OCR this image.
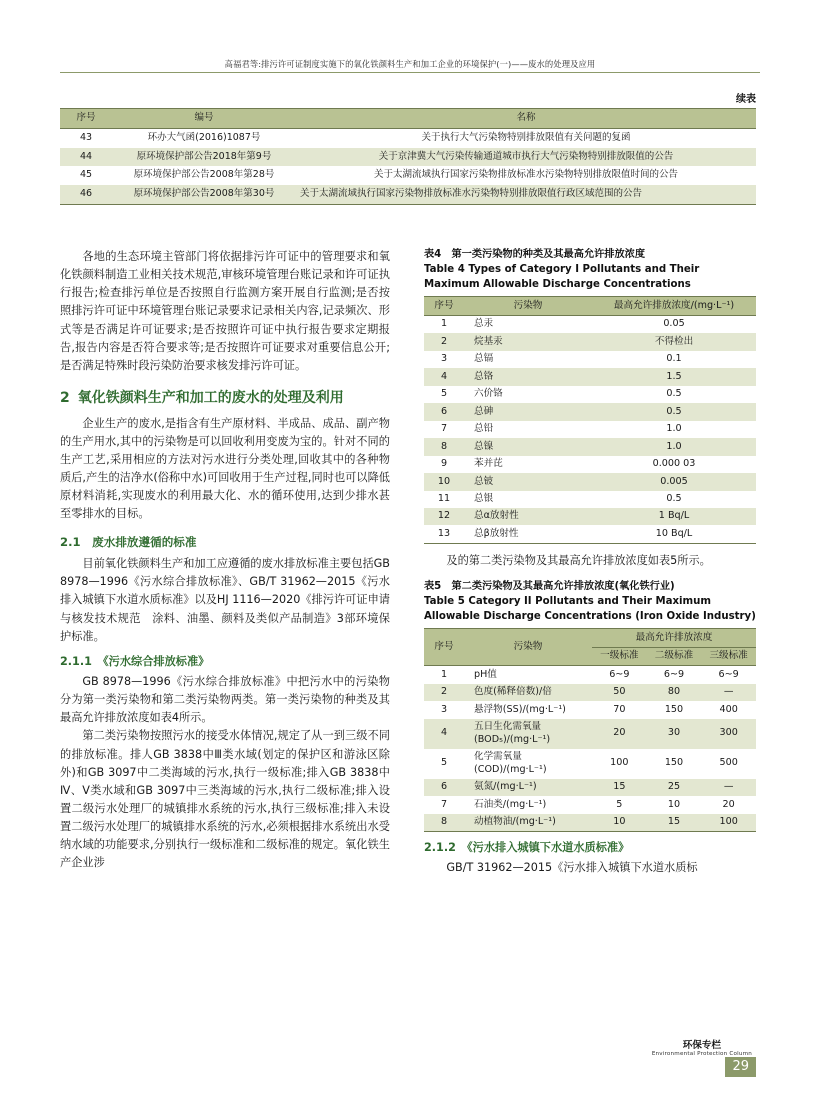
高福君等:排污许可证制度实施下的氧化铁颜料生产和加工企业的环境保护(一)——废水的处理及应用
续表
序号	编号	名称
43	环办大气函(2016)1087号	关于执行大气污染物特别排放限值有关问题的复函
44	原环境保护部公告2018年第9号	关于京津冀大气污染传输通道城市执行大气污染物特别排放限值的公告
45	原环境保护部公告2008年第28号	关于太湖流域执行国家污染物排放标准水污染物特别排放限值时间的公告
46	原环境保护部公告2008年第30号	关于太湖流域执行国家污染物排放标准水污染物特别排放限值行政区域范围的公告

各地的生态环境主管部门将依据排污许可证中的管理要求和氧化铁颜料制造工业相关技术规范,审核环境管理台账记录和许可证执行报告;检查排污单位是否按照自行监测方案开展自行监测;是否按照排污许可证中环境管理台账记录要求记录相关内容,记录频次、形式等是否满足许可证要求;是否按照许可证中执行报告要求定期报告,报告内容是否符合要求等;是否按照许可证要求对重要信息公开;是否满足特殊时段污染防治要求核发排污许可证。

2 氧化铁颜料生产和加工的废水的处理及利用

企业生产的废水,是指含有生产原材料、半成品、成品、副产物的生产用水,其中的污染物是可以回收利用变废为宝的。针对不同的生产工艺,采用相应的方法对污水进行分类处理,回收其中的各种物质后,产生的洁净水(俗称中水)可回收用于生产过程,同时也可以降低原材料消耗,实现废水的利用最大化、水的循环使用,达到少排水甚至零排水的目标。

2.1　废水排放遵循的标准

目前氧化铁颜料生产和加工应遵循的废水排放标准主要包括GB 8978—1996《污水综合排放标准》、GB/T 31962—2015《污水排入城镇下水道水质标准》以及HJ 1116—2020《排污许可证申请与核发技术规范　涂料、油墨、颜料及类似产品制造》3部环境保护标准。

2.1.1　《污水综合排放标准》

GB 8978—1996《污水综合排放标准》中把污水中的污染物分为第一类污染物和第二类污染物两类。第一类污染物的种类及其最高允许排放浓度如表4所示。

第二类污染物按照污水的接受水体情况,规定了从一到三级不同的排放标准。排人GB 3838中Ⅲ类水域(划定的保护区和游泳区除外)和GB 3097中二类海域的污水,执行一级标准;排入GB 3838中Ⅳ、Ⅴ类水域和GB 3097中三类海域的污水,执行二级标准;排入设置二级污水处理厂的城镇排水系统的污水,执行三级标准;排入未设置二级污水处理厂的城镇排水系统的污水,必须根据排水系统出水受纳水域的功能要求,分别执行一级标准和二级标准的规定。氧化铁生产企业涉

表4　第一类污染物的种类及其最高允许排放浓度
Table 4 Types of Category I Pollutants and Their
Maximum Allowable Discharge Concentrations

序号	污染物	最高允许排放浓度/(mg·L⁻¹)
1	总汞	0.05
2	烷基汞	不得检出
3	总镉	0.1
4	总铬	1.5
5	六价铬	0.5
6	总砷	0.5
7	总铅	1.0
8	总镍	1.0
9	苯并芘	0.000 03
10	总铍	0.005
11	总银	0.5
12	总α放射性	1 Bq/L
13	总β放射性	10 Bq/L

及的第二类污染物及其最高允许排放浓度如表5所示。

表5　第二类污染物及其最高允许排放浓度(氧化铁行业)
Table 5 Category II Pollutants and Their Maximum
Allowable Discharge Concentrations (Iron Oxide Industry)

序号	污染物	最高允许排放浓度		
		一级标准	二级标准	三级标准
1	pH值	6~9	6~9	6~9
2	色度(稀释倍数)/倍	50	80	—
3	悬浮物(SS)/(mg·L⁻¹)	70	150	400
4	五日生化需氧量(BOD₅)/(mg·L⁻¹)	20	30	300
5	化学需氧量(COD)/(mg·L⁻¹)	100	150	500
6	氨氮/(mg·L⁻¹)	15	25	—
7	石油类/(mg·L⁻¹)	5	10	20
8	动植物油/(mg·L⁻¹)	10	15	100
2.1.2　《污水排入城镇下水道水质标准》

GB/T 31962—2015《污水排入城镇下水道水质标

环保专栏
Environmental Protection Column
29
